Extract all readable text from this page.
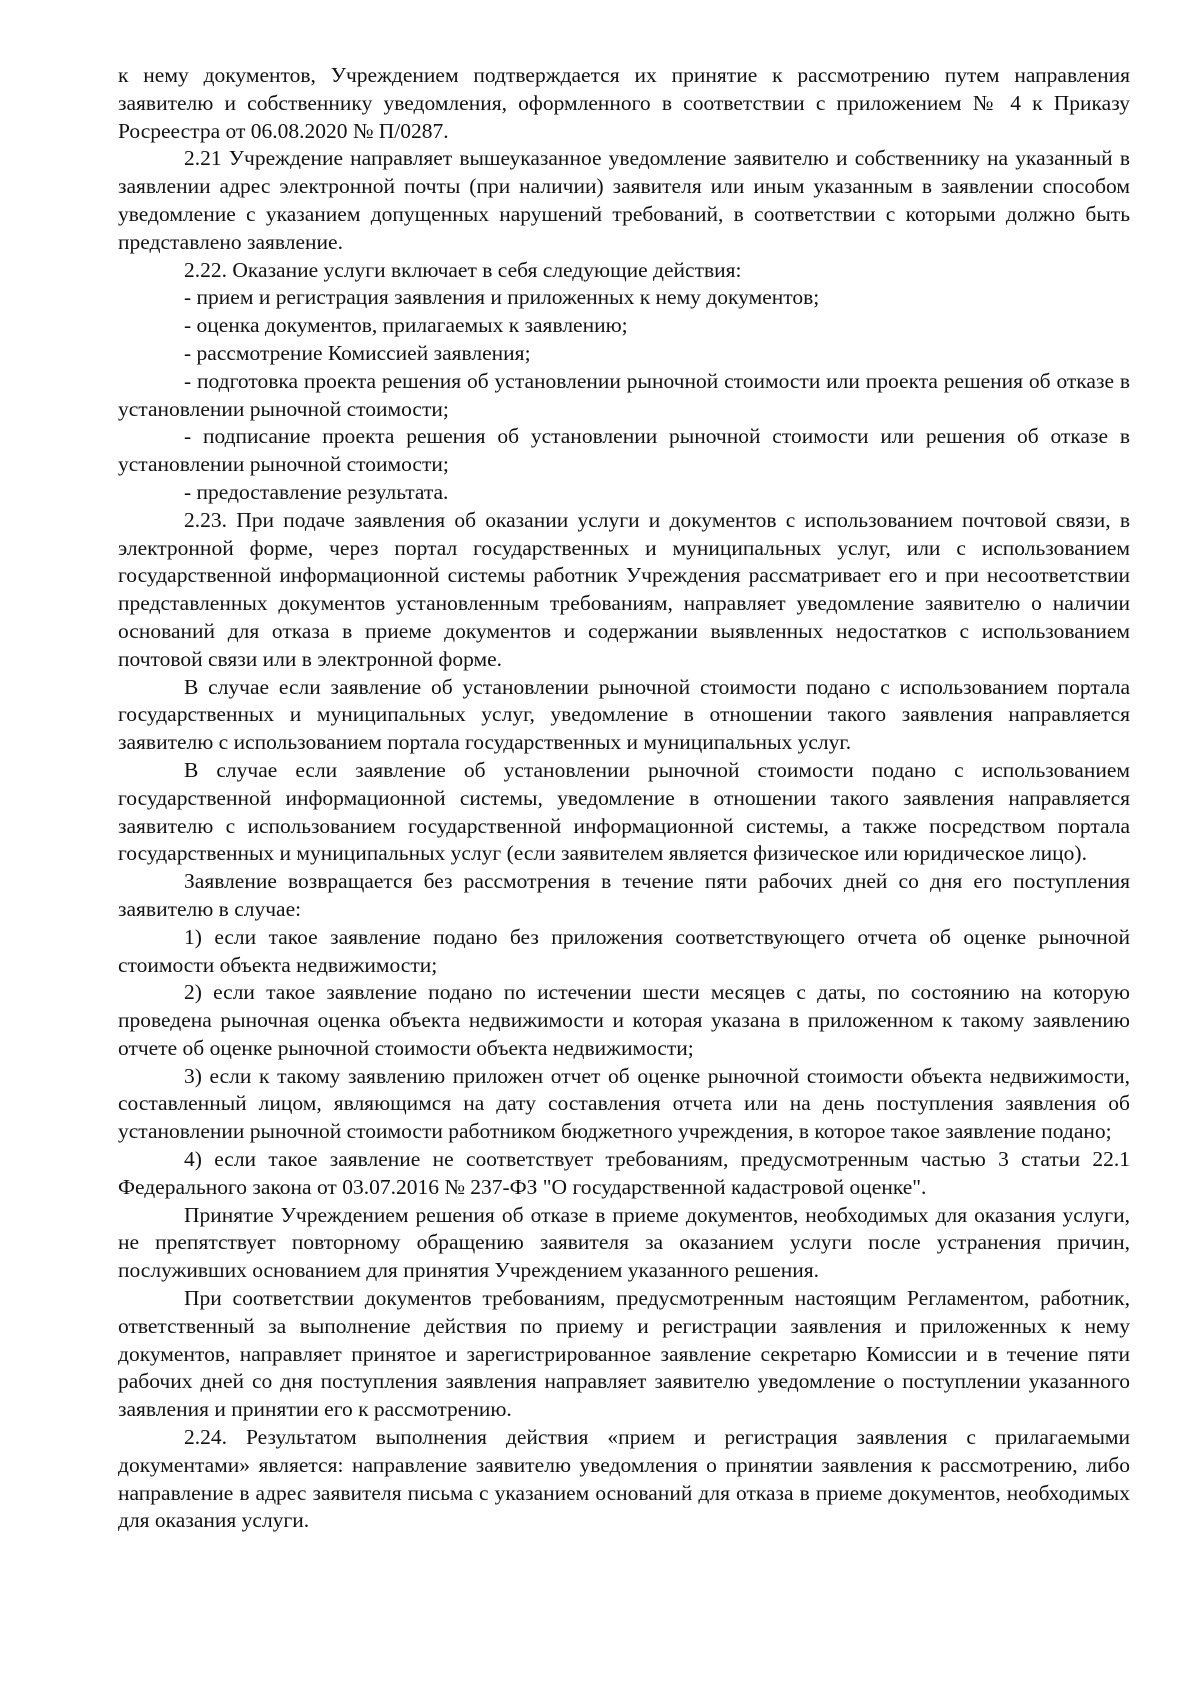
к нему документов, Учреждением подтверждается их принятие к рассмотрению путем направления заявителю и собственнику уведомления, оформленного в соответствии с приложением № 4 к Приказу Росреестра от 06.08.2020 № П/0287.

2.21 Учреждение направляет вышеуказанное уведомление заявителю и собственнику на указанный в заявлении адрес электронной почты (при наличии) заявителя или иным указанным в заявлении способом уведомление с указанием допущенных нарушений требований, в соответствии с которыми должно быть представлено заявление.

2.22. Оказание услуги включает в себя следующие действия:

- прием и регистрация заявления и приложенных к нему документов;

- оценка документов, прилагаемых к заявлению;

- рассмотрение Комиссией заявления;

- подготовка проекта решения об установлении рыночной стоимости или проекта решения об отказе в установлении рыночной стоимости;

- подписание проекта решения об установлении рыночной стоимости или решения об отказе в установлении рыночной стоимости;

- предоставление результата.

2.23. При подаче заявления об оказании услуги и документов с использованием почтовой связи, в электронной форме, через портал государственных и муниципальных услуг, или с использованием государственной информационной системы работник Учреждения рассматривает его и при несоответствии представленных документов установленным требованиям, направляет уведомление заявителю о наличии оснований для отказа в приеме документов и содержании выявленных недостатков с использованием почтовой связи или в электронной форме.

В случае если заявление об установлении рыночной стоимости подано с использованием портала государственных и муниципальных услуг, уведомление в отношении такого заявления направляется заявителю с использованием портала государственных и муниципальных услуг.

В случае если заявление об установлении рыночной стоимости подано с использованием государственной информационной системы, уведомление в отношении такого заявления направляется заявителю с использованием государственной информационной системы, а также посредством портала государственных и муниципальных услуг (если заявителем является физическое или юридическое лицо).

Заявление возвращается без рассмотрения в течение пяти рабочих дней со дня его поступления заявителю в случае:

1) если такое заявление подано без приложения соответствующего отчета об оценке рыночной стоимости объекта недвижимости;

2) если такое заявление подано по истечении шести месяцев с даты, по состоянию на которую проведена рыночная оценка объекта недвижимости и которая указана в приложенном к такому заявлению отчете об оценке рыночной стоимости объекта недвижимости;

3) если к такому заявлению приложен отчет об оценке рыночной стоимости объекта недвижимости, составленный лицом, являющимся на дату составления отчета или на день поступления заявления об установлении рыночной стоимости работником бюджетного учреждения, в которое такое заявление подано;

4) если такое заявление не соответствует требованиям, предусмотренным частью 3 статьи 22.1 Федерального закона от 03.07.2016 № 237-ФЗ "О государственной кадастровой оценке".

Принятие Учреждением решения об отказе в приеме документов, необходимых для оказания услуги, не препятствует повторному обращению заявителя за оказанием услуги после устранения причин, послуживших основанием для принятия Учреждением указанного решения.

При соответствии документов требованиям, предусмотренным настоящим Регламентом, работник, ответственный за выполнение действия по приему и регистрации заявления и приложенных к нему документов, направляет принятое и зарегистрированное заявление секретарю Комиссии и в течение пяти рабочих дней со дня поступления заявления направляет заявителю уведомление о поступлении указанного заявления и принятии его к рассмотрению.

2.24. Результатом выполнения действия «прием и регистрация заявления с прилагаемыми документами» является: направление заявителю уведомления о принятии заявления к рассмотрению, либо направление в адрес заявителя письма с указанием оснований для отказа в приеме документов, необходимых для оказания услуги.
